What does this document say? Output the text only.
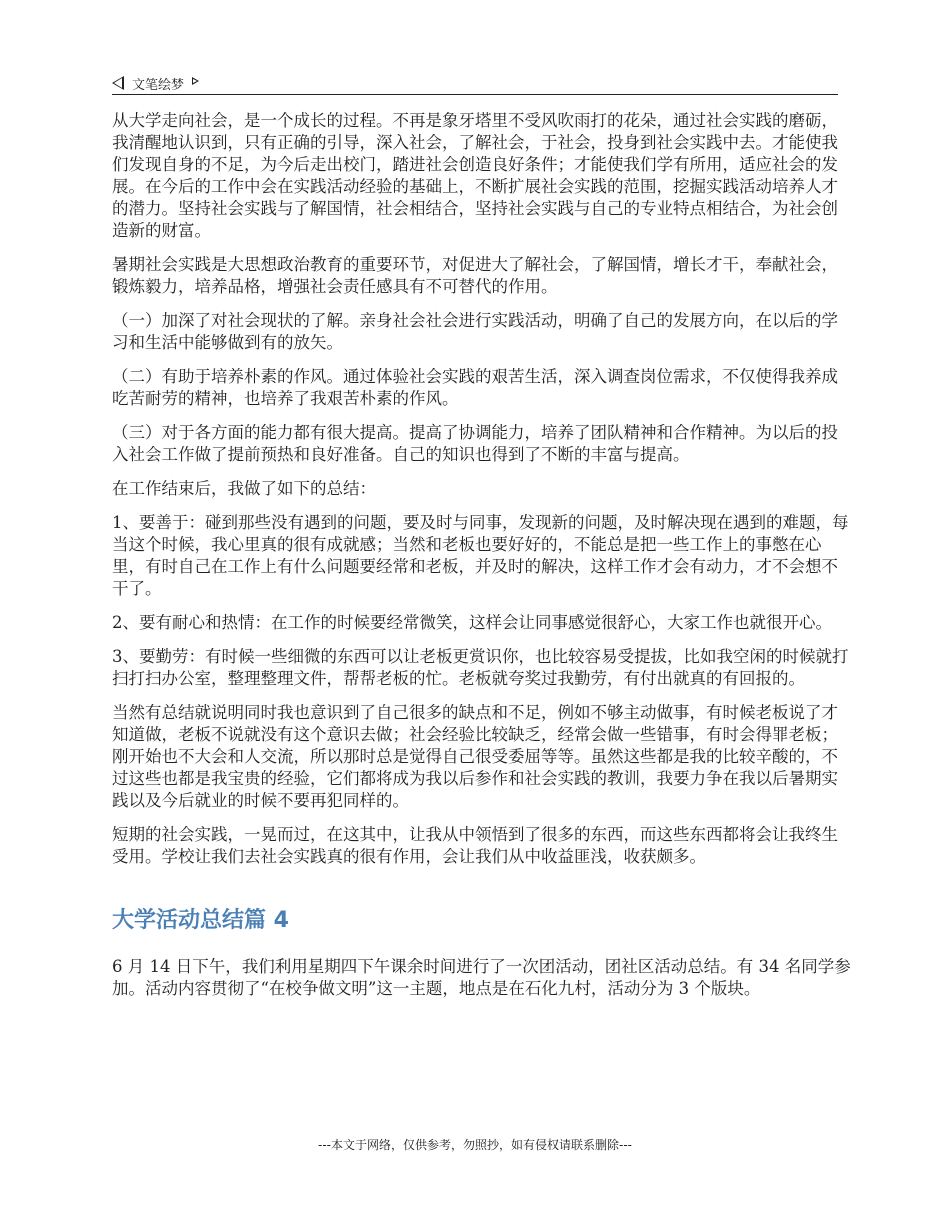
文笔绘梦

从大学走向社会，是一个成长的过程。不再是象牙塔里不受风吹雨打的花朵，通过社会实践的磨砺，我清醒地认识到，只有正确的引导，深入社会，了解社会，于社会，投身到社会实践中去。才能使我们发现自身的不足，为今后走出校门，踏进社会创造良好条件；才能使我们学有所用，适应社会的发展。在今后的工作中会在实践活动经验的基础上，不断扩展社会实践的范围，挖掘实践活动培养人才的潜力。坚持社会实践与了解国情，社会相结合，坚持社会实践与自己的专业特点相结合，为社会创造新的财富。

暑期社会实践是大思想政治教育的重要环节，对促进大了解社会，了解国情，增长才干，奉献社会，锻炼毅力，培养品格，增强社会责任感具有不可替代的作用。

（一）加深了对社会现状的了解。亲身社会社会进行实践活动，明确了自己的发展方向，在以后的学习和生活中能够做到有的放矢。

（二）有助于培养朴素的作风。通过体验社会实践的艰苦生活，深入调查岗位需求，不仅使得我养成吃苦耐劳的精神，也培养了我艰苦朴素的作风。

（三）对于各方面的能力都有很大提高。提高了协调能力，培养了团队精神和合作精神。为以后的投入社会工作做了提前预热和良好准备。自己的知识也得到了不断的丰富与提高。

在工作结束后，我做了如下的总结：

1、要善于：碰到那些没有遇到的问题，要及时与同事，发现新的问题，及时解决现在遇到的难题，每当这个时候，我心里真的很有成就感；当然和老板也要好好的，不能总是把一些工作上的事憋在心里，有时自己在工作上有什么问题要经常和老板，并及时的解决，这样工作才会有动力，才不会想不干了。

2、要有耐心和热情：在工作的时候要经常微笑，这样会让同事感觉很舒心，大家工作也就很开心。

3、要勤劳：有时候一些细微的东西可以让老板更赏识你，也比较容易受提拔，比如我空闲的时候就打扫打扫办公室，整理整理文件，帮帮老板的忙。老板就夸奖过我勤劳，有付出就真的有回报的。

当然有总结就说明同时我也意识到了自己很多的缺点和不足，例如不够主动做事，有时候老板说了才知道做，老板不说就没有这个意识去做；社会经验比较缺乏，经常会做一些错事，有时会得罪老板；刚开始也不大会和人交流，所以那时总是觉得自己很受委屈等等。虽然这些都是我的比较辛酸的，不过这些也都是我宝贵的经验，它们都将成为我以后参作和社会实践的教训，我要力争在我以后暑期实践以及今后就业的时候不要再犯同样的。

短期的社会实践，一晃而过，在这其中，让我从中领悟到了很多的东西，而这些东西都将会让我终生受用。学校让我们去社会实践真的很有作用，会让我们从中收益匪浅，收获颇多。

大学活动总结篇 4

6 月 14 日下午，我们利用星期四下午课余时间进行了一次团活动，团社区活动总结。有 34 名同学参加。活动内容贯彻了“在校争做文明”这一主题，地点是在石化九村，活动分为 3 个版块。

---本文于网络，仅供参考，勿照抄，如有侵权请联系删除---
